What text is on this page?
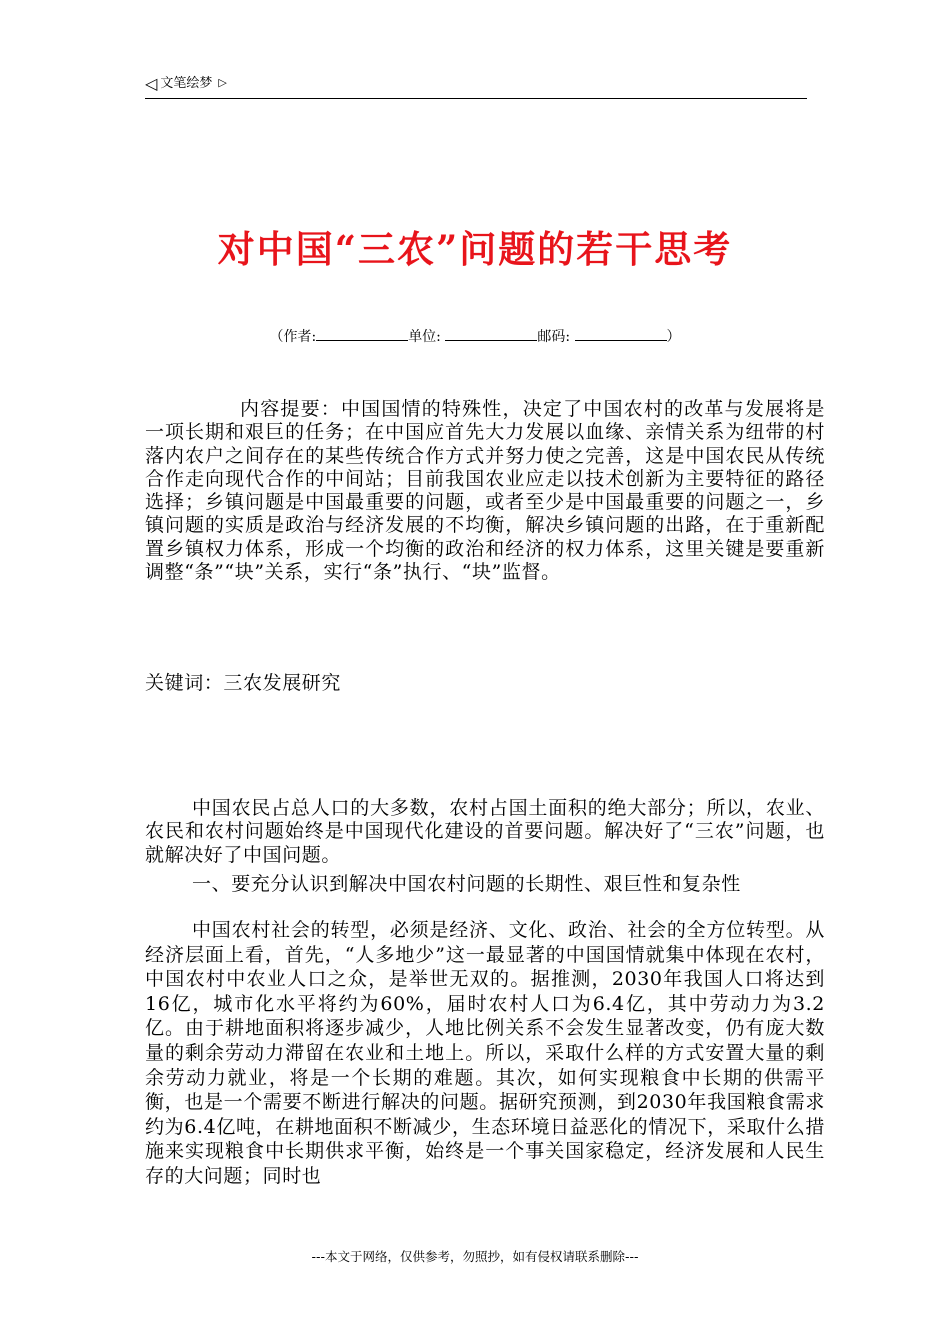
◁ 文笔绘梦 ▷
对中国“三农”问题的若干思考
（作者:	单位:	邮码:	）
内容提要：中国国情的特殊性，决定了中国农村的改革与发展将是一项长期和艰巨的任务；在中国应首先大力发展以血缘、亲情关系为纽带的村落内农户之间存在的某些传统合作方式并努力使之完善，这是中国农民从传统合作走向现代合作的中间站；目前我国农业应走以技术创新为主要特征的路径选择；乡镇问题是中国最重要的问题，或者至少是中国最重要的问题之一，乡镇问题的实质是政治与经济发展的不均衡，解决乡镇问题的出路，在于重新配置乡镇权力体系，形成一个均衡的政治和经济的权力体系，这里关键是要重新调整“条”“块”关系，实行“条”执行、“块”监督。
关键词：三农发展研究
中国农民占总人口的大多数，农村占国土面积的绝大部分；所以，农业、农民和农村问题始终是中国现代化建设的首要问题。解决好了“三农”问题，也就解决好了中国问题。
一、要充分认识到解决中国农村问题的长期性、艰巨性和复杂性
中国农村社会的转型，必须是经济、文化、政治、社会的全方位转型。从经济层面上看，首先，“人多地少”这一最显著的中国国情就集中体现在农村，中国农村中农业人口之众，是举世无双的。据推测，2030年我国人口将达到16亿，城市化水平将约为60%，届时农村人口为6.4亿，其中劳动力为3.2亿。由于耕地面积将逐步减少，人地比例关系不会发生显著改变，仍有庞大数量的剩余劳动力滞留在农业和土地上。所以，采取什么样的方式安置大量的剩余劳动力就业，将是一个长期的难题。其次，如何实现粮食中长期的供需平衡，也是一个需要不断进行解决的问题。据研究预测，到2030年我国粮食需求约为6.4亿吨，在耕地面积不断减少，生态环境日益恶化的情况下，采取什么措施来实现粮食中长期供求平衡，始终是一个事关国家稳定，经济发展和人民生存的大问题；同时也
---本文于网络，仅供参考，勿照抄，如有侵权请联系删除---
